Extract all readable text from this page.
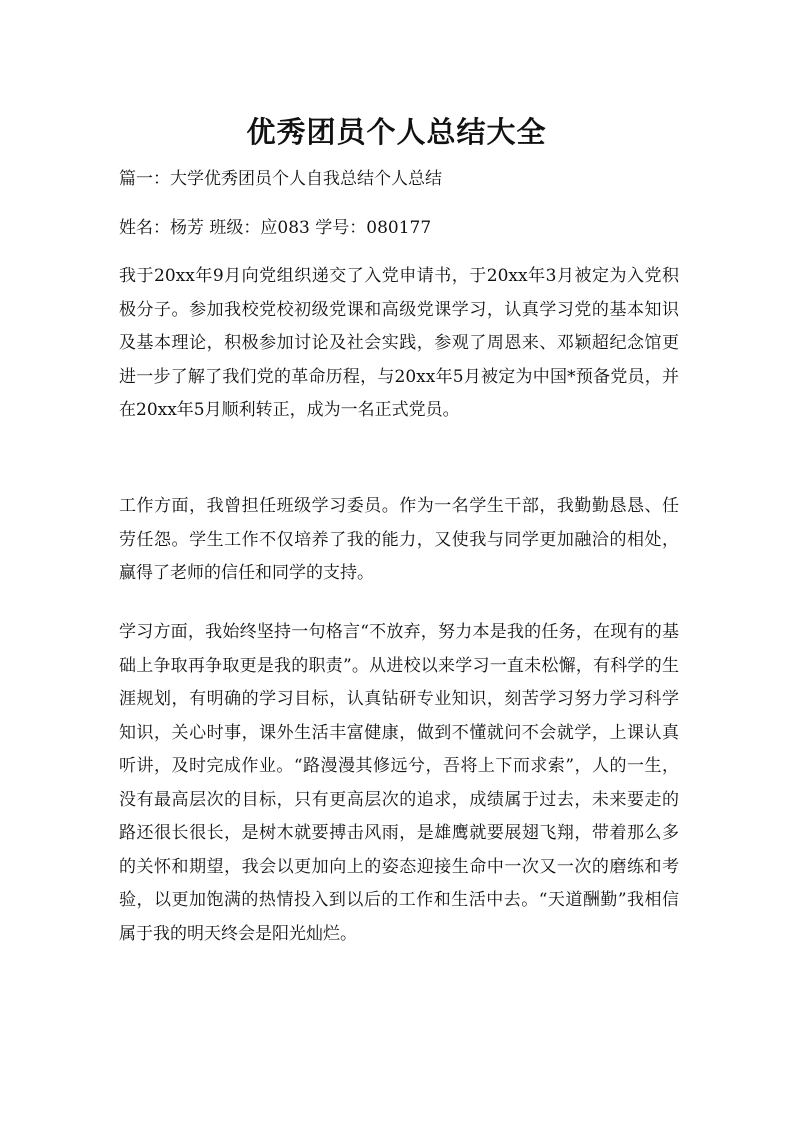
优秀团员个人总结大全
篇一：大学优秀团员个人自我总结个人总结
姓名：杨芳 班级：应083 学号：080177

我于20xx年9月向党组织递交了入党申请书，于20xx年3月被定为入党积极分子。参加我校党校初级党课和高级党课学习，认真学习党的基本知识及基本理论，积极参加讨论及社会实践，参观了周恩来、邓颖超纪念馆更进一步了解了我们党的革命历程，与20xx年5月被定为中国*预备党员，并在20xx年5月顺利转正，成为一名正式党员。

工作方面，我曾担任班级学习委员。作为一名学生干部，我勤勤恳恳、任劳任怨。学生工作不仅培养了我的能力，又使我与同学更加融洽的相处，赢得了老师的信任和同学的支持。

学习方面，我始终坚持一句格言“不放弃，努力本是我的任务，在现有的基础上争取再争取更是我的职责”。从进校以来学习一直未松懈，有科学的生涯规划，有明确的学习目标，认真钻研专业知识，刻苦学习努力学习科学知识，关心时事，课外生活丰富健康，做到不懂就问不会就学，上课认真听讲，及时完成作业。“路漫漫其修远兮，吾将上下而求索”，人的一生，没有最高层次的目标，只有更高层次的追求，成绩属于过去，未来要走的路还很长很长，是树木就要搏击风雨，是雄鹰就要展翅飞翔，带着那么多的关怀和期望，我会以更加向上的姿态迎接生命中一次又一次的磨练和考验，以更加饱满的热情投入到以后的工作和生活中去。“天道酬勤”我相信属于我的明天终会是阳光灿烂。
